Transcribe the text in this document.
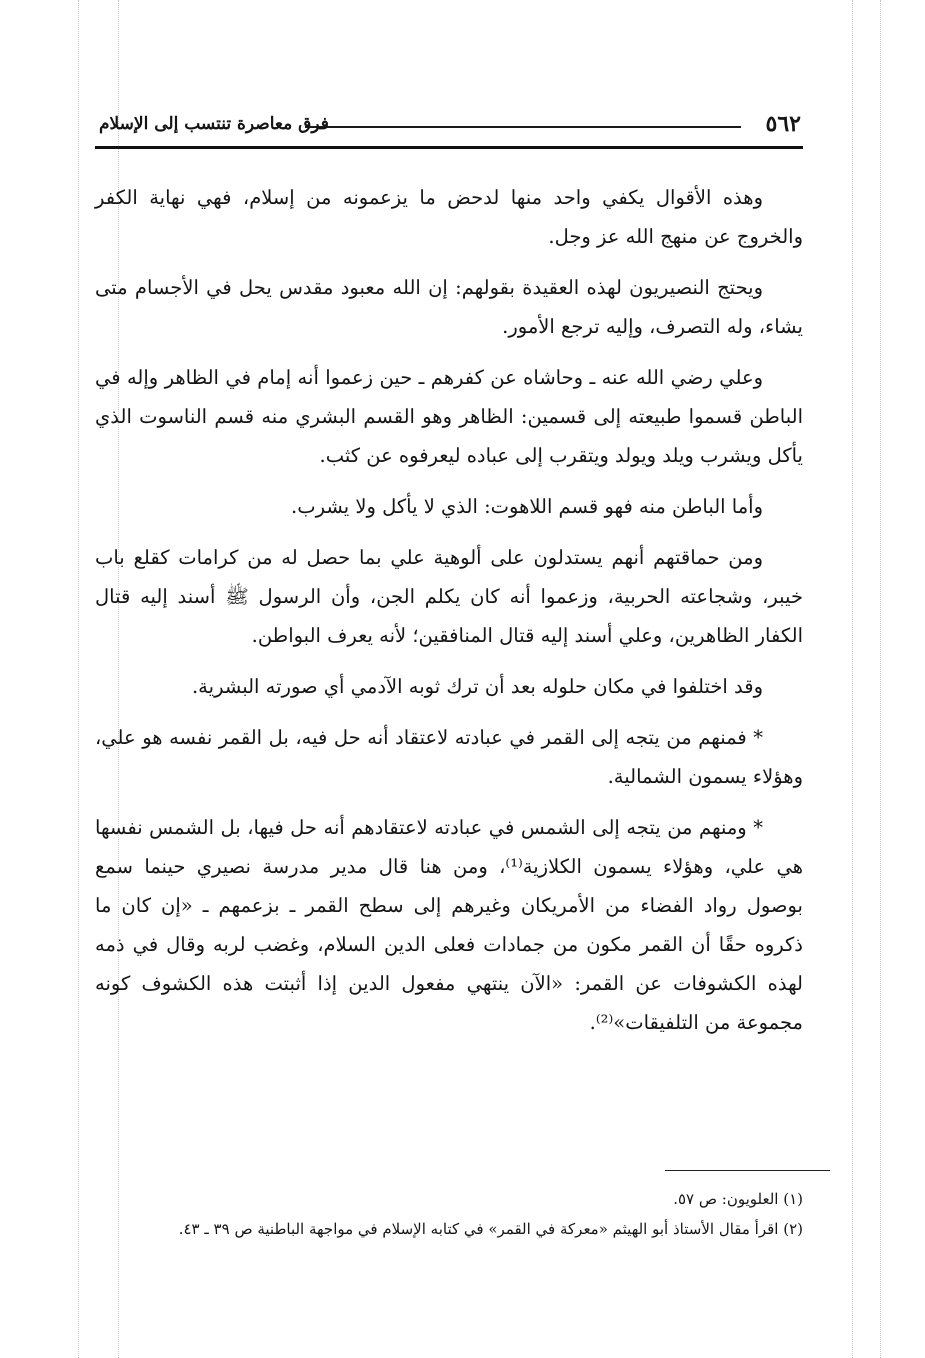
٥٦٢
فرق معاصرة تنتسب إلى الإسلام

وهذه الأقوال يكفي واحد منها لدحض ما يزعمونه من إسلام، فهي نهاية الكفر والخروج عن منهج الله عز وجل.

ويحتج النصيريون لهذه العقيدة بقولهم: إن الله معبود مقدس يحل في الأجسام متى يشاء، وله التصرف، وإليه ترجع الأمور.

وعلي رضي الله عنه ـ وحاشاه عن كفرهم ـ حين زعموا أنه إمام في الظاهر وإله في الباطن قسموا طبيعته إلى قسمين: الظاهر وهو القسم البشري منه قسم الناسوت الذي يأكل ويشرب ويلد ويولد ويتقرب إلى عباده ليعرفوه عن كثب.

وأما الباطن منه فهو قسم اللاهوت: الذي لا يأكل ولا يشرب.

ومن حماقتهم أنهم يستدلون على ألوهية علي بما حصل له من كرامات كقلع باب خيبر، وشجاعته الحربية، وزعموا أنه كان يكلم الجن، وأن الرسول ﷺ أسند إليه قتال الكفار الظاهرين، وعلي أسند إليه قتال المنافقين؛ لأنه يعرف البواطن.

وقد اختلفوا في مكان حلوله بعد أن ترك ثوبه الآدمي أي صورته البشرية.

* فمنهم من يتجه إلى القمر في عبادته لاعتقاد أنه حل فيه، بل القمر نفسه هو علي، وهؤلاء يسمون الشمالية.

* ومنهم من يتجه إلى الشمس في عبادته لاعتقادهم أنه حل فيها، بل الشمس نفسها هي علي، وهؤلاء يسمون الكلازية⁽¹⁾، ومن هنا قال مدير مدرسة نصيري حينما سمع بوصول رواد الفضاء من الأمريكان وغيرهم إلى سطح القمر ـ بزعمهم ـ «إن كان ما ذكروه حقًا أن القمر مكون من جمادات فعلى الدين السلام، وغضب لربه وقال في ذمه لهذه الكشوفات عن القمر: «الآن ينتهي مفعول الدين إذا أثبتت هذه الكشوف كونه مجموعة من التلفيقات»⁽²⁾.

(١) العلويون: ص ٥٧.

(٢) اقرأ مقال الأستاذ أبو الهيثم «معركة في القمر» في كتابه الإسلام في مواجهة الباطنية ص ٣٩ ـ ٤٣.
